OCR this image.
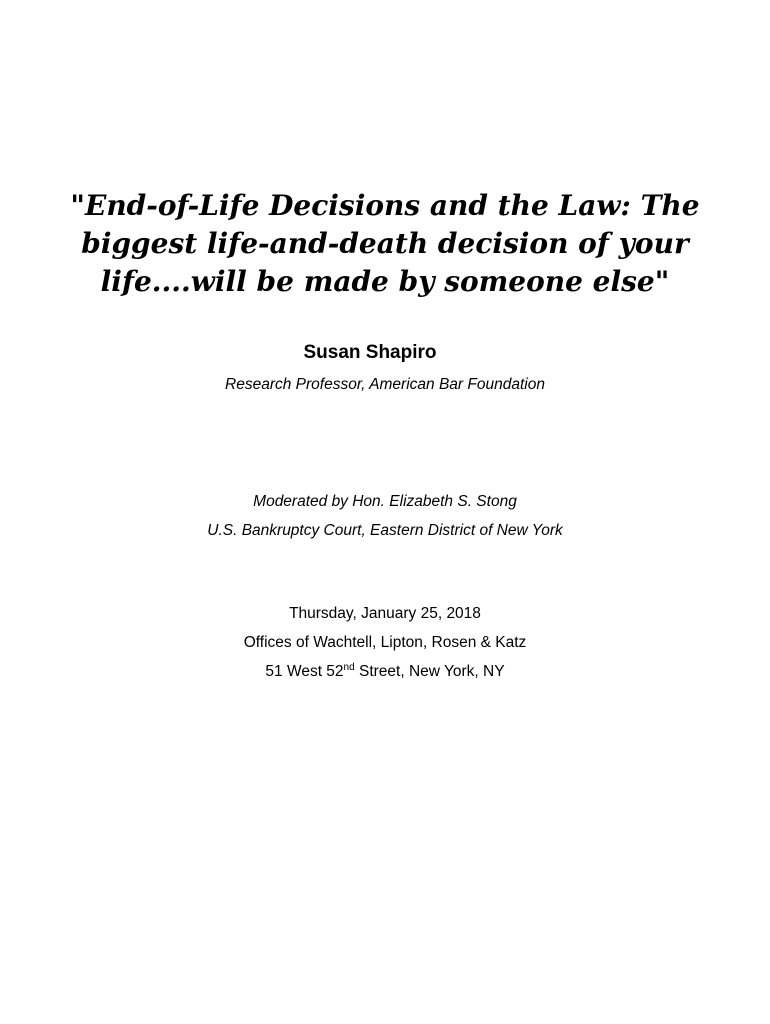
"End-of-Life Decisions and the Law: The
biggest life-and-death decision of your
life....will be made by someone else"

Susan Shapiro

Research Professor, American Bar Foundation

Moderated by Hon. Elizabeth S. Stong
U.S. Bankruptcy Court, Eastern District of New York
Thursday, January 25, 2018
Offices of Wachtell, Lipton, Rosen & Katz
51 West 52nd Street, New York, NY
